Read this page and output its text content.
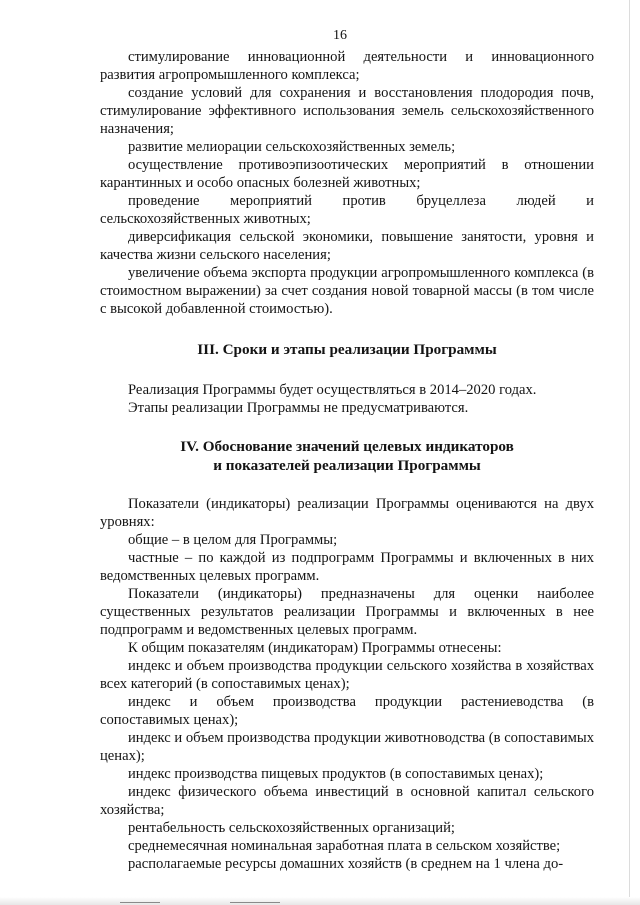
16

стимулирование инновационной деятельности и инновационного развития агропромышленного комплекса;

создание условий для сохранения и восстановления плодородия почв, стимулирование эффективного использования земель сельскохозяйственного назначения;

развитие мелиорации сельскохозяйственных земель;

осуществление противоэпизоотических мероприятий в отношении карантинных и особо опасных болезней животных;

проведение мероприятий против бруцеллеза людей и сельскохозяйственных животных;

диверсификация сельской экономики, повышение занятости, уровня и качества жизни сельского населения;

увеличение объема экспорта продукции агропромышленного комплекса (в стоимостном выражении) за счет создания новой товарной массы (в том числе с высокой добавленной стоимостью).

III. Сроки и этапы реализации Программы

Реализация Программы будет осуществляться в 2014–2020 годах.

Этапы реализации Программы не предусматриваются.

IV. Обоснование значений целевых индикаторов
и показателей реализации Программы

Показатели (индикаторы) реализации Программы оцениваются на двух уровнях:

общие – в целом для Программы;

частные – по каждой из подпрограмм Программы и включенных в них ведомственных целевых программ.

Показатели (индикаторы) предназначены для оценки наиболее существенных результатов реализации Программы и включенных в нее подпрограмм и ведомственных целевых программ.

К общим показателям (индикаторам) Программы отнесены:

индекс и объем производства продукции сельского хозяйства в хозяйствах всех категорий (в сопоставимых ценах);

индекс и объем производства продукции растениеводства (в сопоставимых ценах);

индекс и объем производства продукции животноводства (в сопоставимых ценах);

индекс производства пищевых продуктов (в сопоставимых ценах);

индекс физического объема инвестиций в основной капитал сельского хозяйства;

рентабельность сельскохозяйственных организаций;

среднемесячная номинальная заработная плата в сельском хозяйстве;

располагаемые ресурсы домашних хозяйств (в среднем на 1 члена до-
